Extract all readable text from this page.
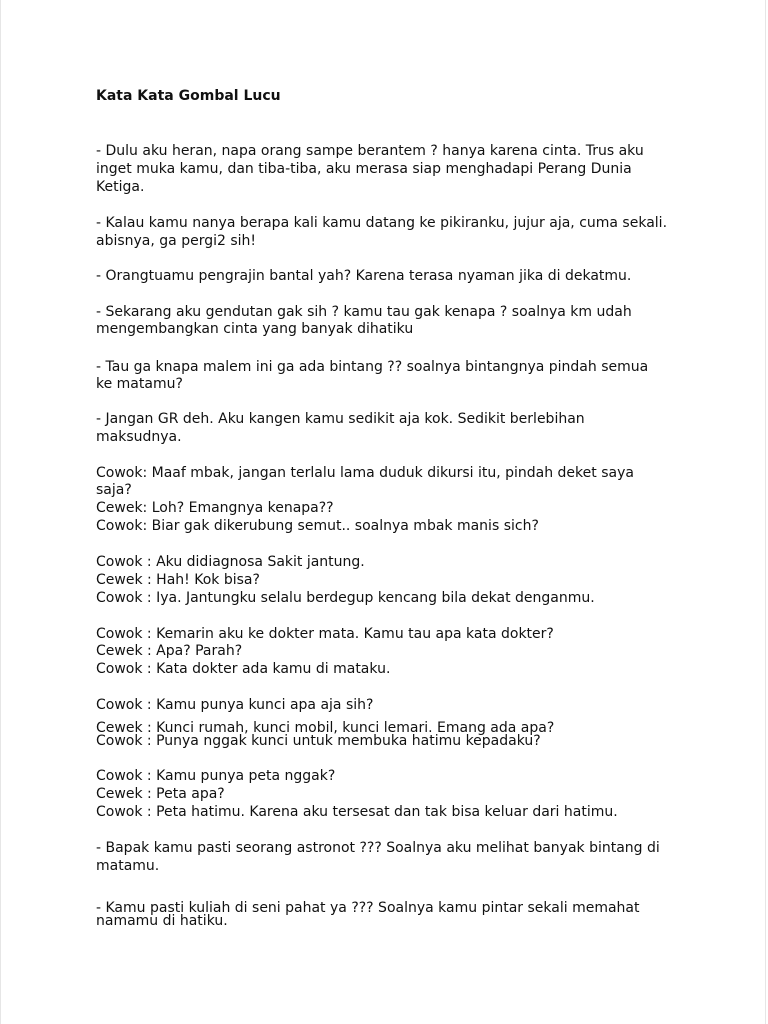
Kata Kata Gombal Lucu
- Dulu aku heran, napa orang sampe berantem ? hanya karena cinta. Trus aku
inget muka kamu, dan tiba-tiba, aku merasa siap menghadapi Perang Dunia
Ketiga.
- Kalau kamu nanya berapa kali kamu datang ke pikiranku, jujur aja, cuma sekali.
abisnya, ga pergi2 sih!
- Orangtuamu pengrajin bantal yah? Karena terasa nyaman jika di dekatmu.
- Sekarang aku gendutan gak sih ? kamu tau gak kenapa ? soalnya km udah
mengembangkan cinta yang banyak dihatiku
- Tau ga knapa malem ini ga ada bintang ?? soalnya bintangnya pindah semua
ke matamu?
- Jangan GR deh. Aku kangen kamu sedikit aja kok. Sedikit berlebihan
maksudnya.
Cowok: Maaf mbak, jangan terlalu lama duduk dikursi itu, pindah deket saya
saja?
Cewek: Loh? Emangnya kenapa??
Cowok: Biar gak dikerubung semut.. soalnya mbak manis sich?
Cowok : Aku didiagnosa Sakit jantung.
Cewek : Hah! Kok bisa?
Cowok : Iya. Jantungku selalu berdegup kencang bila dekat denganmu.
Cowok : Kemarin aku ke dokter mata. Kamu tau apa kata dokter?
Cewek : Apa? Parah?
Cowok : Kata dokter ada kamu di mataku.
Cowok : Kamu punya kunci apa aja sih?
Cewek : Kunci rumah, kunci mobil, kunci lemari. Emang ada apa?
Cowok : Punya nggak kunci untuk membuka hatimu kepadaku?
Cowok : Kamu punya peta nggak?
Cewek : Peta apa?
Cowok : Peta hatimu. Karena aku tersesat dan tak bisa keluar dari hatimu.
- Bapak kamu pasti seorang astronot ??? Soalnya aku melihat banyak bintang di
matamu.
- Kamu pasti kuliah di seni pahat ya ??? Soalnya kamu pintar sekali memahat
namamu di hatiku.
